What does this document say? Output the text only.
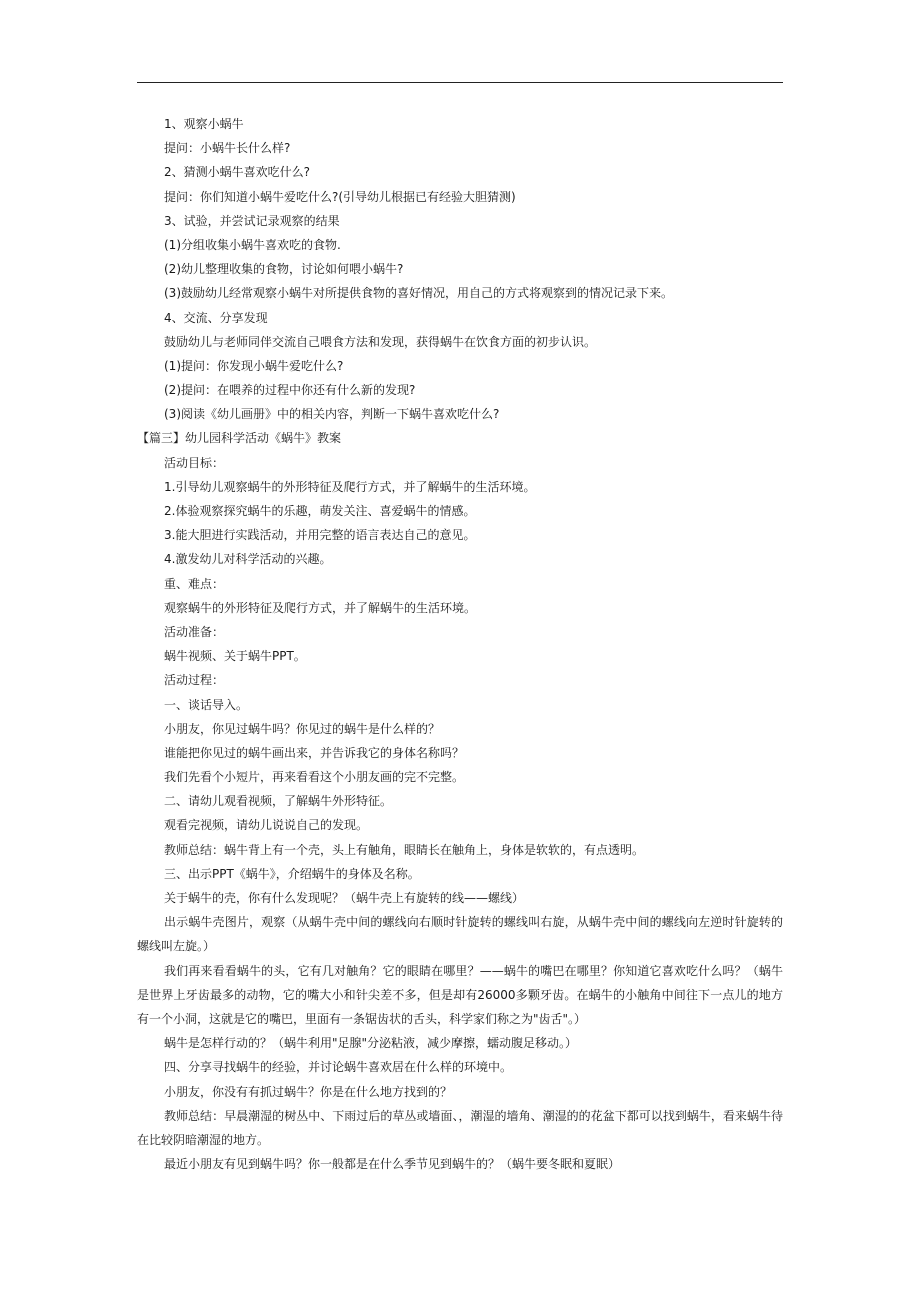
1、观察小蜗牛
提问：小蜗牛长什么样?
2、猜测小蜗牛喜欢吃什么?
提问：你们知道小蜗牛爱吃什么?(引导幼儿根据已有经验大胆猜测)
3、试验，并尝试记录观察的结果
(1)分组收集小蜗牛喜欢吃的食物.
(2)幼儿整理收集的食物，讨论如何喂小蜗牛?
(3)鼓励幼儿经常观察小蜗牛对所提供食物的喜好情况，用自己的方式将观察到的情况记录下来。
4、交流、分享发现
鼓励幼儿与老师同伴交流自己喂食方法和发现，获得蜗牛在饮食方面的初步认识。
(1)提问：你发现小蜗牛爱吃什么?
(2)提问：在喂养的过程中你还有什么新的发现?
(3)阅读《幼儿画册》中的相关内容，判断一下蜗牛喜欢吃什么?
【篇三】幼儿园科学活动《蜗牛》教案
活动目标：
1.引导幼儿观察蜗牛的外形特征及爬行方式，并了解蜗牛的生活环境。
2.体验观察探究蜗牛的乐趣，萌发关注、喜爱蜗牛的情感。
3.能大胆进行实践活动，并用完整的语言表达自己的意见。
4.激发幼儿对科学活动的兴趣。
重、难点：
观察蜗牛的外形特征及爬行方式，并了解蜗牛的生活环境。
活动准备：
蜗牛视频、关于蜗牛PPT。
活动过程：
一、谈话导入。
小朋友，你见过蜗牛吗？你见过的蜗牛是什么样的？
谁能把你见过的蜗牛画出来，并告诉我它的身体名称吗？
我们先看个小短片，再来看看这个小朋友画的完不完整。
二、请幼儿观看视频，了解蜗牛外形特征。
观看完视频，请幼儿说说自己的发现。
教师总结：蜗牛背上有一个壳，头上有触角，眼睛长在触角上，身体是软软的，有点透明。
三、出示PPT《蜗牛》，介绍蜗牛的身体及名称。
关于蜗牛的壳，你有什么发现呢？（蜗牛壳上有旋转的线——螺线）

出示蜗牛壳图片，观察（从蜗牛壳中间的螺线向右顺时针旋转的螺线叫右旋，从蜗牛壳中间的螺线向左逆时针旋转的螺线叫左旋。）

我们再来看看蜗牛的头，它有几对触角？它的眼睛在哪里？——蜗牛的嘴巴在哪里？你知道它喜欢吃什么吗？（蜗牛是世界上牙齿最多的动物，它的嘴大小和针尖差不多，但是却有26000多颗牙齿。在蜗牛的小触角中间往下一点儿的地方有一个小洞，这就是它的嘴巴，里面有一条锯齿状的舌头，科学家们称之为"齿舌"。）

蜗牛是怎样行动的？（蜗牛利用"足腺"分泌粘液，减少摩擦，蠕动腹足移动。）
四、分享寻找蜗牛的经验，并讨论蜗牛喜欢居在什么样的环境中。
小朋友，你没有有抓过蜗牛？你是在什么地方找到的？

教师总结：早晨潮湿的树丛中、下雨过后的草丛或墙面、，潮湿的墙角、潮湿的的花盆下都可以找到蜗牛，看来蜗牛待在比较阴暗潮湿的地方。

最近小朋友有见到蜗牛吗？你一般都是在什么季节见到蜗牛的？（蜗牛要冬眠和夏眠）
